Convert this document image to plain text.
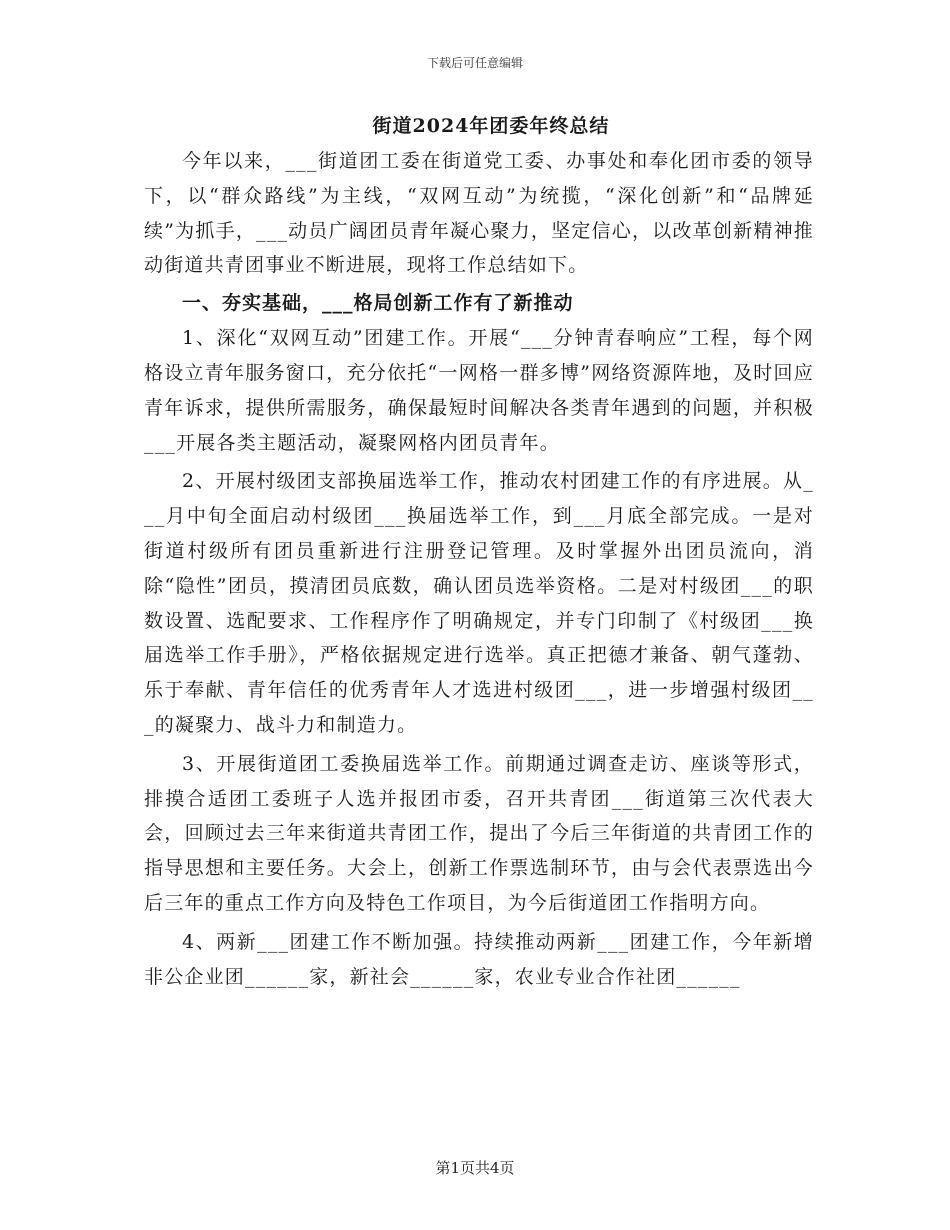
下载后可任意编辑
街道2024年团委年终总结

今年以来，___街道团工委在街道党工委、办事处和奉化团市委的领导下，以“群众路线”为主线，“双网互动”为统揽，“深化创新”和“品牌延续”为抓手，___动员广阔团员青年凝心聚力，坚定信心，以改革创新精神推动街道共青团事业不断进展，现将工作总结如下。

一、夯实基础，___格局创新工作有了新推动

1、深化“双网互动”团建工作。开展“___分钟青春响应”工程，每个网格设立青年服务窗口，充分依托“一网格一群多博”网络资源阵地，及时回应青年诉求，提供所需服务，确保最短时间解决各类青年遇到的问题，并积极___开展各类主题活动，凝聚网格内团员青年。

2、开展村级团支部换届选举工作，推动农村团建工作的有序进展。从___月中旬全面启动村级团___换届选举工作，到___月底全部完成。一是对街道村级所有团员重新进行注册登记管理。及时掌握外出团员流向，消除“隐性”团员，摸清团员底数，确认团员选举资格。二是对村级团___的职数设置、选配要求、工作程序作了明确规定，并专门印制了《村级团___换届选举工作手册》，严格依据规定进行选举。真正把德才兼备、朝气蓬勃、乐于奉献、青年信任的优秀青年人才选进村级团___，进一步增强村级团___的凝聚力、战斗力和制造力。

3、开展街道团工委换届选举工作。前期通过调查走访、座谈等形式，排摸合适团工委班子人选并报团市委，召开共青团___街道第三次代表大会，回顾过去三年来街道共青团工作，提出了今后三年街道的共青团工作的指导思想和主要任务。大会上，创新工作票选制环节，由与会代表票选出今后三年的重点工作方向及特色工作项目，为今后街道团工作指明方向。

4、两新___团建工作不断加强。持续推动两新___团建工作，今年新增非公企业团______家，新社会______家，农业专业合作社团______

第1页共4页
